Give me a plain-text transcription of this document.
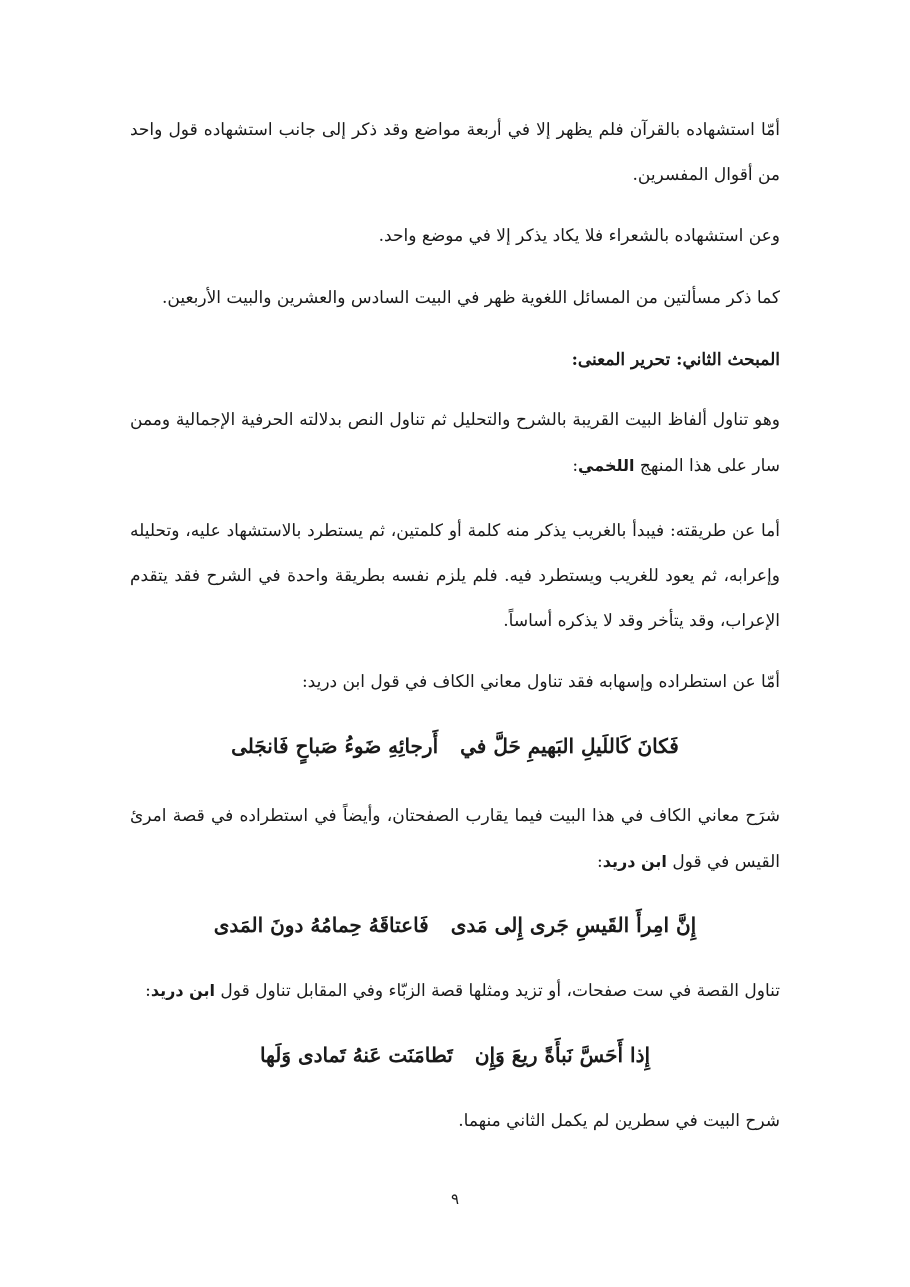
أمّا استشهاده بالقرآن فلم يظهر إلا في أربعة مواضع وقد ذكر إلى جانب استشهاده قول واحد من أقوال المفسرين.

وعن استشهاده بالشعراء فلا يكاد يذكر إلا في موضع واحد.

كما ذكر مسألتين من المسائل اللغوية ظهر في البيت السادس والعشرين والبيت الأربعين.

المبحث الثاني: تحرير المعنى:

وهو تناول ألفاظ البيت القريبة بالشرح والتحليل ثم تناول النص بدلالته الحرفية الإجمالية وممن سار على هذا المنهج اللخمي:

أما عن طريقته: فيبدأ بالغريب يذكر منه كلمة أو كلمتين، ثم يستطرد بالاستشهاد عليه، وتحليله وإعرابه، ثم يعود للغريب ويستطرد فيه. فلم يلزم نفسه بطريقة واحدة في الشرح فقد يتقدم الإعراب، وقد يتأخر وقد لا يذكره أساساً.

أمّا عن استطراده وإسهابه فقد تناول معاني الكاف في قول ابن دريد:

فَكانَ كَاللَيلِ البَهيمِ حَلَّ فيأَرجائِهِ ضَوءُ صَباحٍ فَانجَلى

شرَح معاني الكاف في هذا البيت فيما يقارب الصفحتان، وأيضاً في استطراده في قصة امرئ القيس في قول ابن دريد:

إِنَّ امِرأَ القَيسِ جَرى إِلى مَدىفَاعتاقَهُ حِمامُهُ دونَ المَدى

تناول القصة في ست صفحات، أو تزيد ومثلها قصة الزبّاء وفي المقابل تناول قول ابن دريد:

إِذا أَحَسَّ نَبأَةً ريعَ وَإِنتَطامَنَت عَنهُ تَمادى وَلَها

شرح البيت في سطرين لم يكمل الثاني منهما.

٩
